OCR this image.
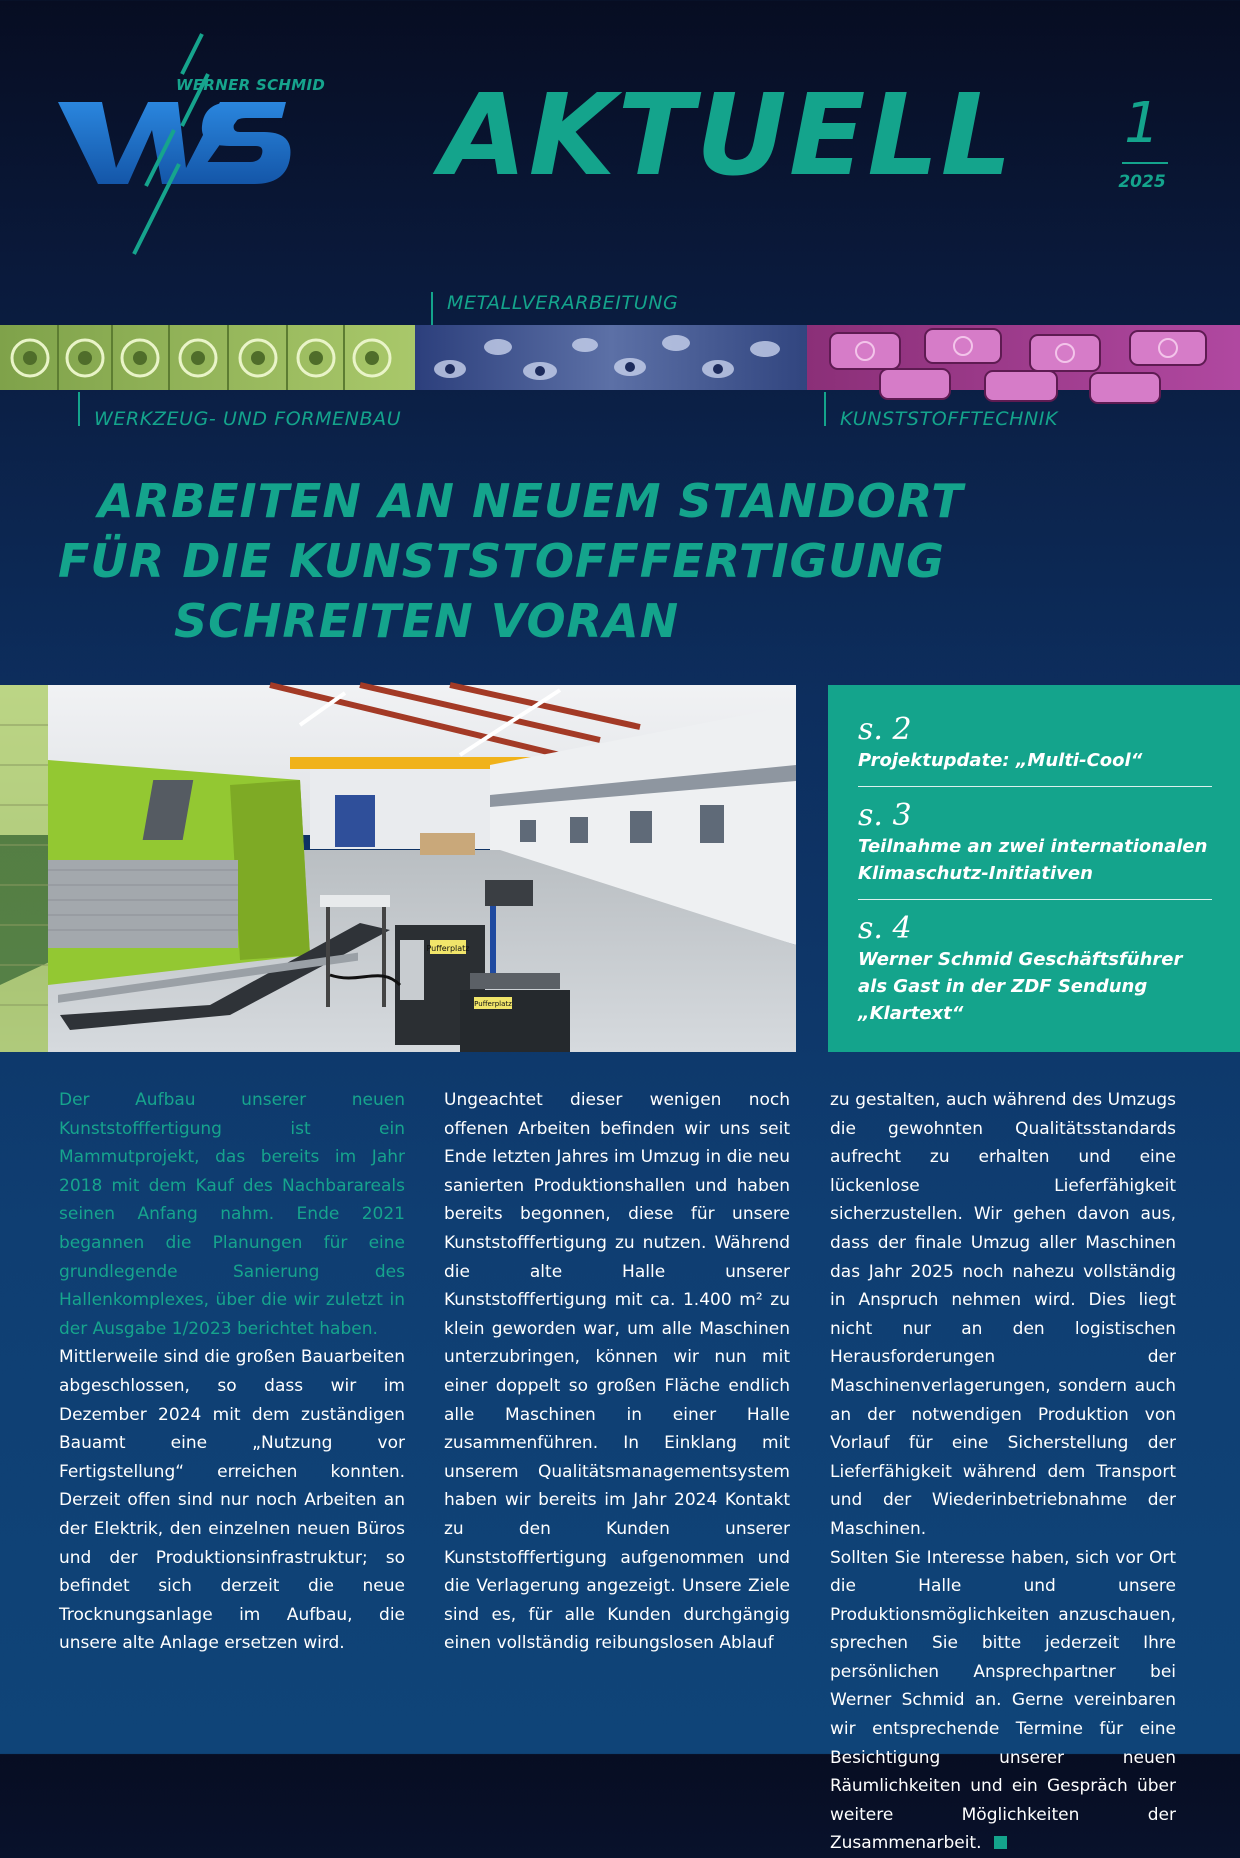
WS
WERNER SCHMID AKTUELL 1
2025
METALLVERARBEITUNG
WERKZEUG- UND FORMENBAU	KUNSTSTOFFTECHNIK
ARBEITEN AN NEUEM STANDORT
FÜR DIE KUNSTSTOFFFERTIGUNG
SCHREITEN VORAN
Pufferplatz
Pufferplatz
s. 2
Projektupdate: „Multi-Cool“
s. 3
Teilnahme an zwei internationalen Klimaschutz-Initiativen
s. 4
Werner Schmid Geschäftsführer als Gast in der ZDF Sendung „Klartext“

Der Aufbau unserer neuen Kunststofffertigung ist ein Mammutprojekt, das bereits im Jahr 2018 mit dem Kauf des Nachbarareals seinen Anfang nahm. Ende 2021 begannen die Planungen für eine grundlegende Sanierung des Hallenkomplexes, über die wir zuletzt in der Ausgabe 1/2023 berichtet haben.

Mittlerweile sind die großen Bauarbeiten abgeschlossen, so dass wir im Dezember 2024 mit dem zuständigen Bauamt eine „Nutzung vor Fertigstellung“ erreichen konnten. Derzeit offen sind nur noch Arbeiten an der Elektrik, den einzelnen neuen Büros und der Produktionsinfrastruktur; so befindet sich derzeit die neue Trocknungsanlage im Aufbau, die unsere alte Anlage ersetzen wird.

Ungeachtet dieser wenigen noch offenen Arbeiten befinden wir uns seit Ende letzten Jahres im Umzug in die neu sanierten Produktionshallen und haben bereits begonnen, diese für unsere Kunststofffertigung zu nutzen. Während die alte Halle unserer Kunststofffertigung mit ca. 1.400 m² zu klein geworden war, um alle Maschinen unterzubringen, können wir nun mit einer doppelt so großen Fläche endlich alle Maschinen in einer Halle zusammenführen. In Einklang mit unserem Qualitätsmanagementsystem haben wir bereits im Jahr 2024 Kontakt zu den Kunden unserer Kunststofffertigung aufgenommen und die Verlagerung angezeigt. Unsere Ziele sind es, für alle Kunden durchgängig einen vollständig reibungslosen Ablauf

zu gestalten, auch während des Umzugs die gewohnten Qualitätsstandards aufrecht zu erhalten und eine lückenlose Lieferfähigkeit sicherzustellen. Wir gehen davon aus, dass der finale Umzug aller Maschinen das Jahr 2025 noch nahezu vollständig in Anspruch nehmen wird. Dies liegt nicht nur an den logistischen Herausforderungen der Maschinenverlagerungen, sondern auch an der notwendigen Produktion von Vorlauf für eine Sicherstellung der Lieferfähigkeit während dem Transport und der Wiederinbetriebnahme der Maschinen.

Sollten Sie Interesse haben, sich vor Ort die Halle und unsere Produktionsmöglichkeiten anzuschauen, sprechen Sie bitte jederzeit Ihre persönlichen Ansprechpartner bei Werner Schmid an. Gerne vereinbaren wir entsprechende Termine für eine Besichtigung unserer neuen Räumlichkeiten und ein Gespräch über weitere Möglichkeiten der Zusammenarbeit.
